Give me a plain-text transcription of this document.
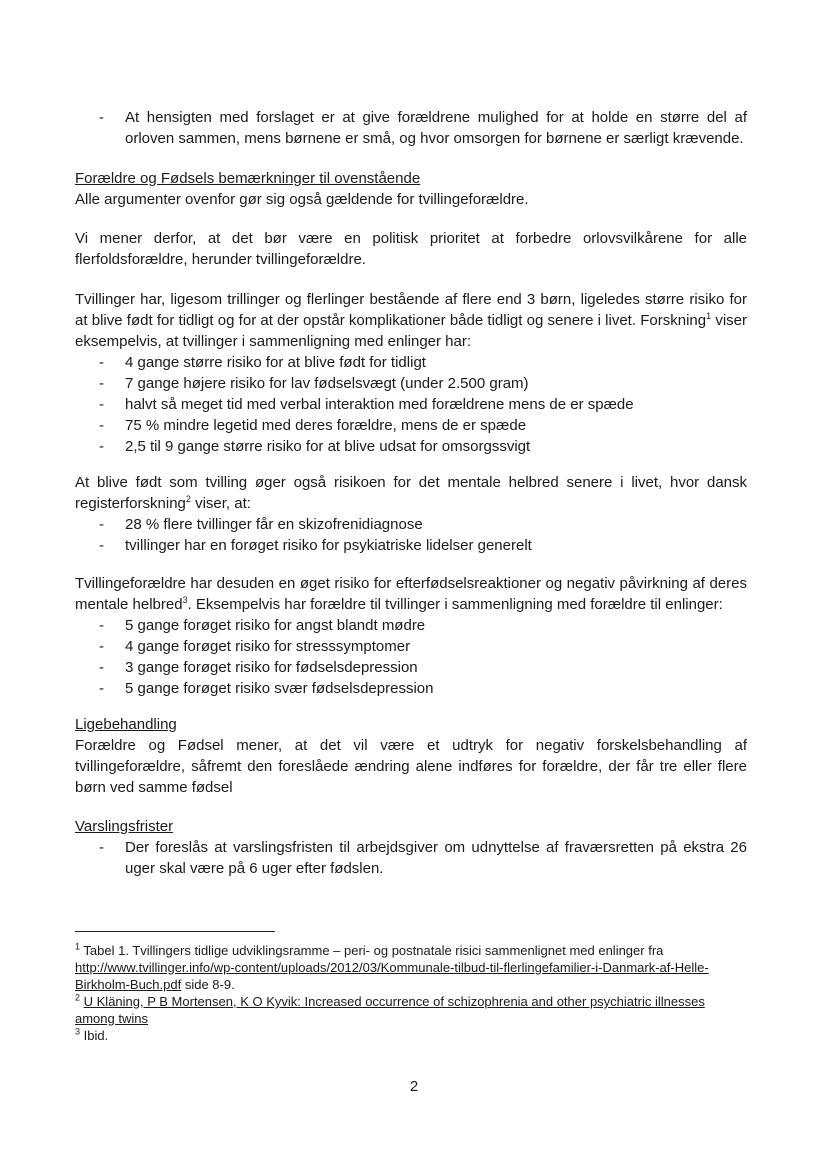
-	At hensigten med forslaget er at give forældrene mulighed for at holde en større del af orloven sammen, mens børnene er små, og hvor omsorgen for børnene er særligt krævende.
Forældre og Fødsels bemærkninger til ovenstående
Alle argumenter ovenfor gør sig også gældende for tvillingeforældre.
Vi mener derfor, at det bør være en politisk prioritet at forbedre orlovsvilkårene for alle flerfoldsforældre, herunder tvillingeforældre.
Tvillinger har, ligesom trillinger og flerlinger bestående af flere end 3 børn, ligeledes større risiko for at blive født for tidligt og for at der opstår komplikationer både tidligt og senere i livet. Forskning$^1$ viser eksempelvis, at tvillinger i sammenligning med enlinger har:
- 4 gange større risiko for at blive født for tidligt
- 7 gange højere risiko for lav fødselsvægt (under 2.500 gram)
- halvt så meget tid med verbal interaktion med forældrene mens de er spæde
- 75 % mindre legetid med deres forældre, mens de er spæde
- 2,5 til 9 gange større risiko for at blive udsat for omsorgssvigt
At blive født som tvilling øger også risikoen for det mentale helbred senere i livet, hvor dansk registerforskning$^2$ viser, at:
- 28 % flere tvillinger får en skizofrenidiagnose
- tvillinger har en forøget risiko for psykiatriske lidelser generelt
Tvillingeforældre har desuden en øget risiko for efterfødselsreaktioner og negativ påvirkning af deres mentale helbred$^3$. Eksempelvis har forældre til tvillinger i sammenligning med forældre til enlinger:
- 5 gange forøget risiko for angst blandt mødre
- 4 gange forøget risiko for stresssymptomer
- 3 gange forøget risiko for fødselsdepression
- 5 gange forøget risiko svær fødselsdepression
Ligebehandling
Forældre og Fødsel mener, at det vil være et udtryk for negativ forskelsbehandling af tvillingeforældre, såfremt den foreslåede ændring alene indføres for forældre, der får tre eller flere børn ved samme fødsel
Varslingsfrister
- Der foreslås at varslingsfristen til arbejdsgiver om udnyttelse af fraværsretten på ekstra 26 uger skal være på 6 uger efter fødslen.
$^1$ Tabel 1. Tvillingers tidlige udviklingsramme – peri- og postnatale risici sammenlignet med enlinger fra http://www.tvillinger.info/wp-content/uploads/2012/03/Kommunale-tilbud-til-flerlingefamilier-i-Danmark-af-Helle-Birkholm-Buch.pdf side 8-9.
$^2$ U Kläning, P B Mortensen, K O Kyvik: Increased occurrence of schizophrenia and other psychiatric illnesses among twins
$^3$ Ibid.
2
